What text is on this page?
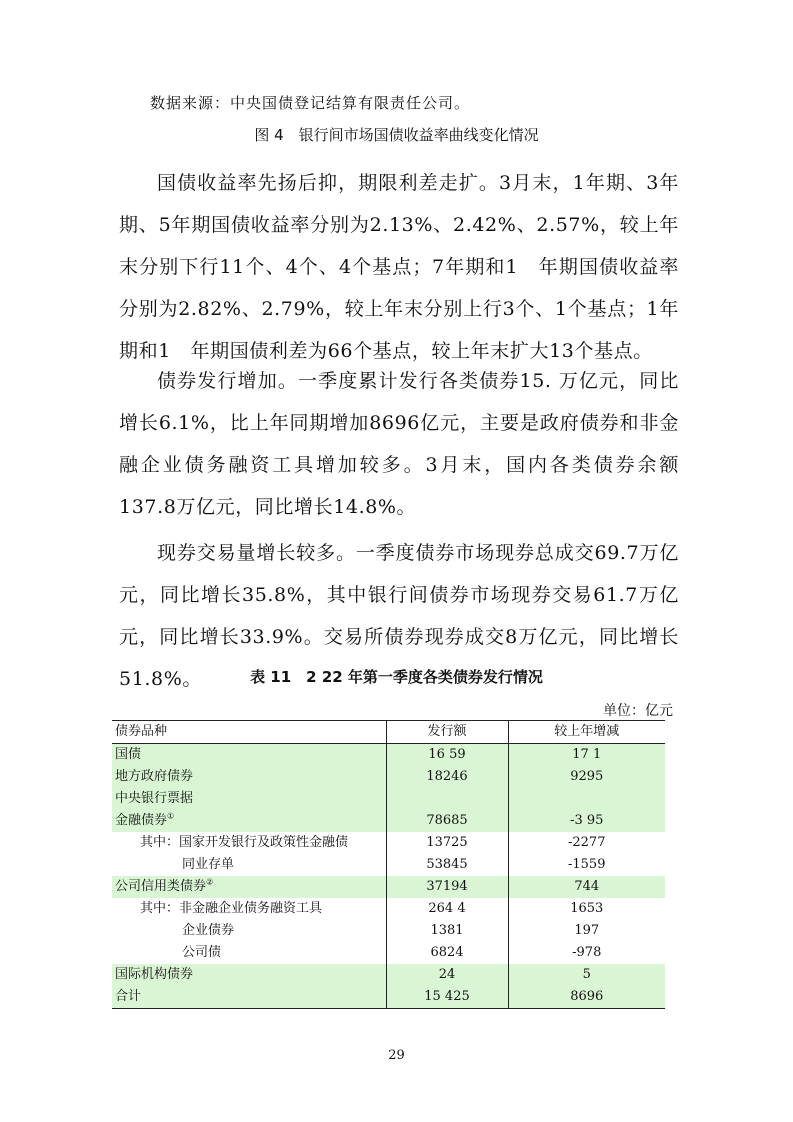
数据来源：中央国债登记结算有限责任公司。
图 4　银行间市场国债收益率曲线变化情况

国债收益率先扬后抑，期限利差走扩。3月末，1年期、3年期、5年期国债收益率分别为2.13%、2.42%、2.57%，较上年末分别下行11个、4个、4个基点；7年期和1　年期国债收益率分别为2.82%、2.79%，较上年末分别上行3个、1个基点；1年期和1　年期国债利差为66个基点，较上年末扩大13个基点。

债券发行增加。一季度累计发行各类债券15. 万亿元，同比增长6.1%，比上年同期增加8696亿元，主要是政府债券和非金融企业债务融资工具增加较多。3月末，国内各类债券余额137.8万亿元，同比增长14.8%。

现券交易量增长较多。一季度债券市场现券总成交69.7万亿元，同比增长35.8%，其中银行间债券市场现券交易61.7万亿元，同比增长33.9%。交易所债券现券成交8万亿元，同比增长51.8%。	表 11　2 22 年第一季度各类债券发行情况
单位：亿元
债券品种	发行额	较上年增减
国债	16 59	17 1
地方政府债券	18246	9295
中央银行票据		
金融债券①	78685	-3 95
其中：国家开发银行及政策性金融债	13725	-2277
同业存单	53845	-1559
公司信用类债券②	37194	744
其中：非金融企业债务融资工具	264 4	1653
企业债券	1381	197
公司债	6824	-978
国际机构债券	24	5
合计	15 425	8696
29
